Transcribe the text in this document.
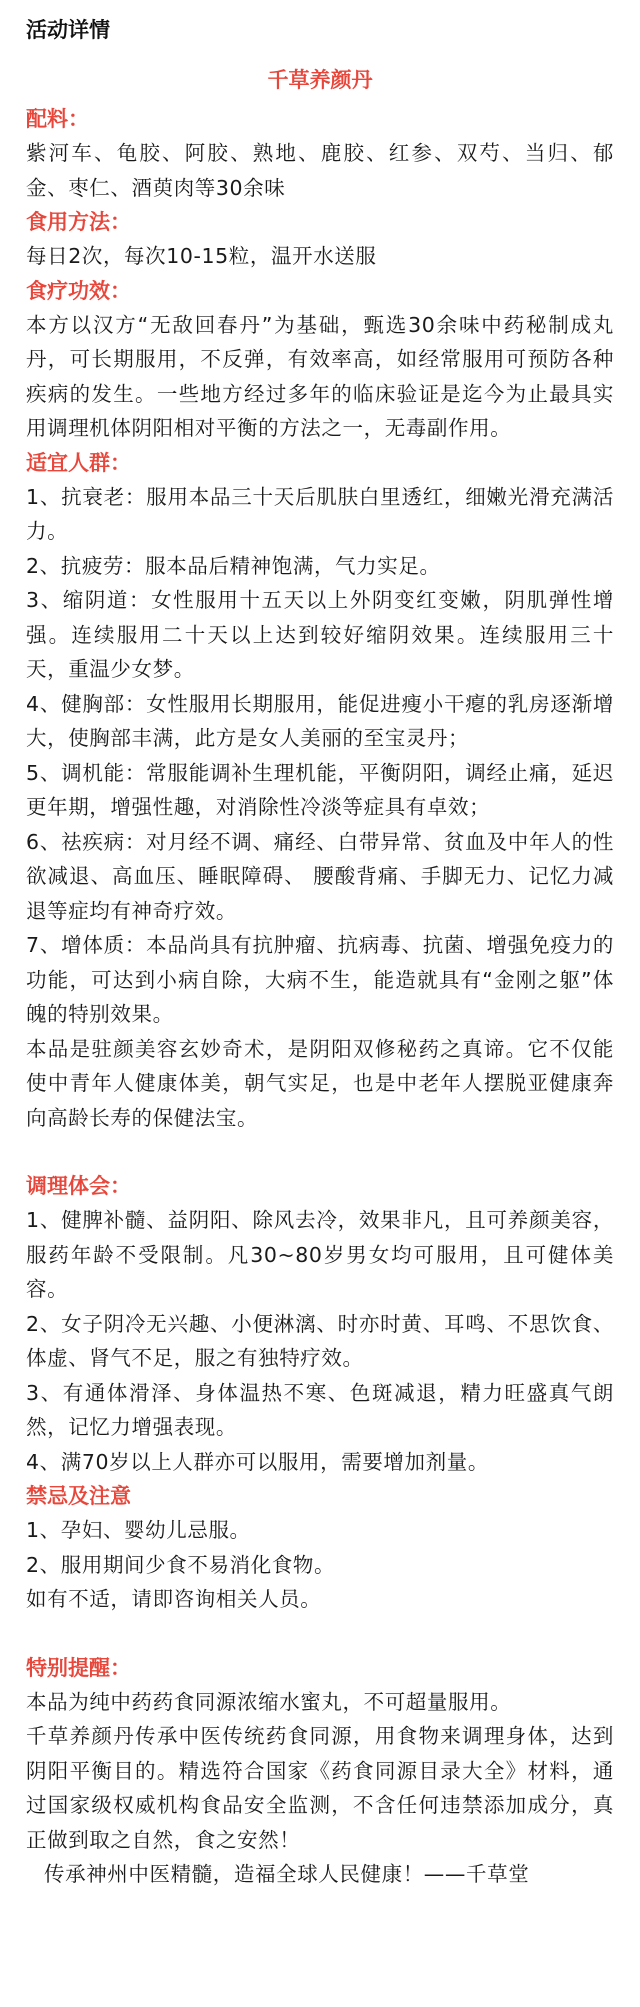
活动详情
千草养颜丹
配料：

紫河车、龟胶、阿胶、熟地、鹿胶、红参、双芍、当归、郁金、枣仁、酒萸肉等30余味

食用方法：

每日2次，每次10-15粒，温开水送服

食疗功效：

本方以汉方“无敌回春丹”为基础，甄选30余味中药秘制成丸丹，可长期服用，不反弹，有效率高，如经常服用可预防各种疾病的发生。一些地方经过多年的临床验证是迄今为止最具实用调理机体阴阳相对平衡的方法之一，无毒副作用。

适宜人群：

1、抗衰老：服用本品三十天后肌肤白里透红，细嫩光滑充满活力。

2、抗疲劳：服本品后精神饱满，气力实足。

3、缩阴道：女性服用十五天以上外阴变红变嫩，阴肌弹性增强。连续服用二十天以上达到较好缩阴效果。连续服用三十天，重温少女梦。

4、健胸部：女性服用长期服用，能促进瘦小干瘪的乳房逐渐增大，使胸部丰满，此方是女人美丽的至宝灵丹；

5、调机能：常服能调补生理机能，平衡阴阳，调经止痛，延迟更年期，增强性趣，对消除性冷淡等症具有卓效；

6、祛疾病：对月经不调、痛经、白带异常、贫血及中年人的性欲减退、高血压、睡眠障碍、 腰酸背痛、手脚无力、记忆力减退等症均有神奇疗效。

7、增体质：本品尚具有抗肿瘤、抗病毒、抗菌、增强免疫力的功能，可达到小病自除，大病不生，能造就具有“金刚之躯”体魄的特别效果。

本品是驻颜美容玄妙奇术，是阴阳双修秘药之真谛。它不仅能使中青年人健康体美，朝气实足，也是中老年人摆脱亚健康奔向高龄长寿的保健法宝。

调理体会：

1、健脾补髓、益阴阳、除风去冷，效果非凡，且可养颜美容，服药年龄不受限制。凡30~80岁男女均可服用，且可健体美容。

2、女子阴冷无兴趣、小便淋漓、时亦时黄、耳鸣、不思饮食、体虚、肾气不足，服之有独特疗效。

3、有通体滑泽、身体温热不寒、色斑减退，精力旺盛真气朗然，记忆力增强表现。

4、满70岁以上人群亦可以服用，需要增加剂量。

禁忌及注意

1、孕妇、婴幼儿忌服。

2、服用期间少食不易消化食物。

如有不适，请即咨询相关人员。

特别提醒：

本品为纯中药药食同源浓缩水蜜丸，不可超量服用。

千草养颜丹传承中医传统药食同源，用食物来调理身体，达到阴阳平衡目的。精选符合国家《药食同源目录大全》材料，通过国家级权威机构食品安全监测，不含任何违禁添加成分，真正做到取之自然，食之安然！

传承神州中医精髓，造福全球人民健康！——千草堂
